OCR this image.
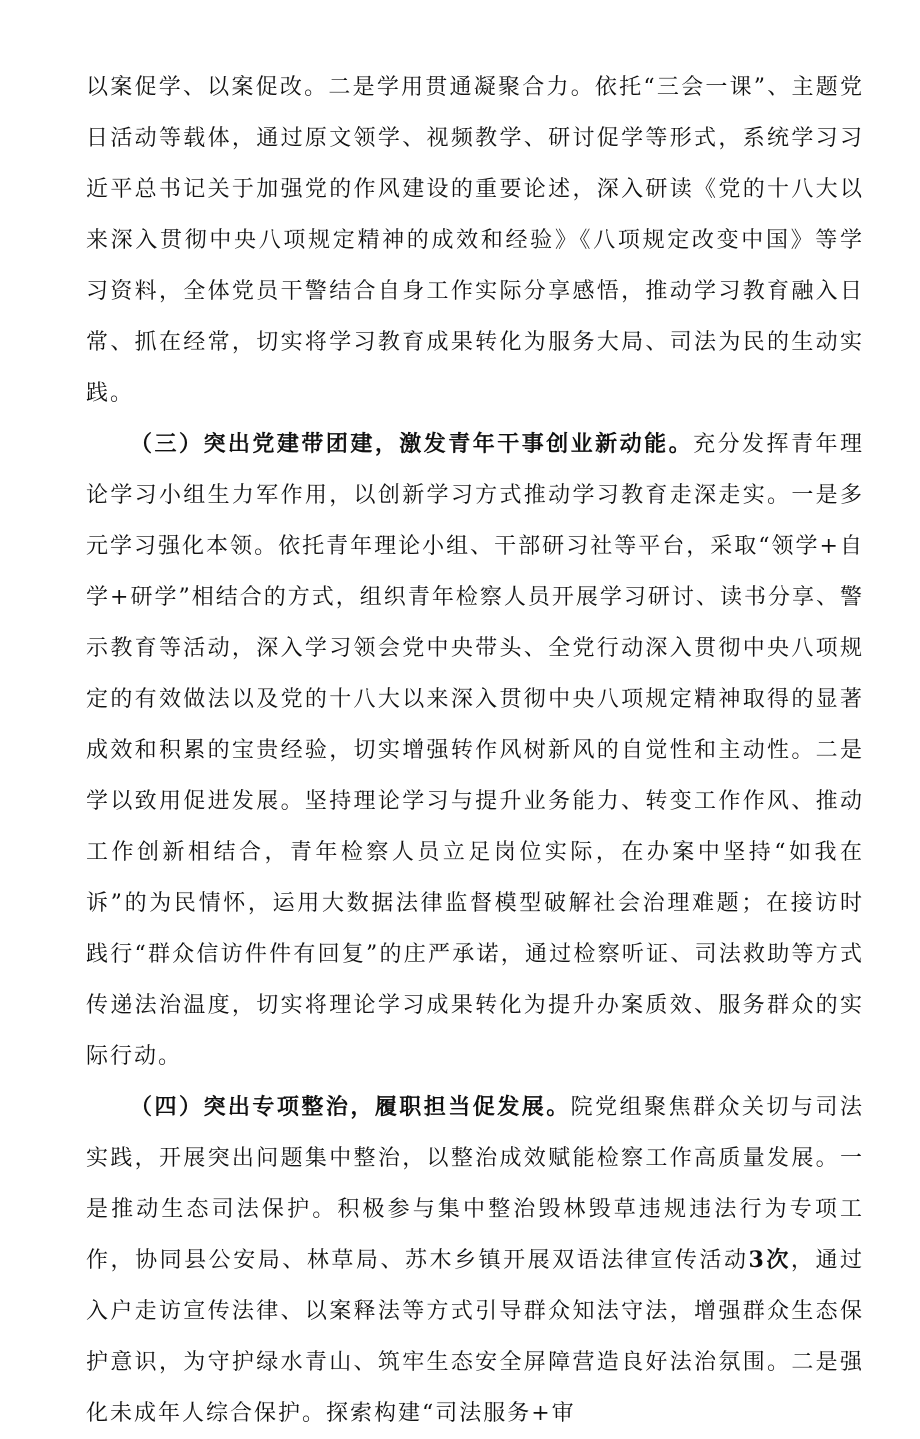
以案促学、以案促改。二是学用贯通凝聚合力。依托“三会一课”、主题党日活动等载体，通过原文领学、视频教学、研讨促学等形式，系统学习习近平总书记关于加强党的作风建设的重要论述，深入研读《党的十八大以来深入贯彻中央八项规定精神的成效和经验》《八项规定改变中国》等学习资料，全体党员干警结合自身工作实际分享感悟，推动学习教育融入日常、抓在经常，切实将学习教育成果转化为服务大局、司法为民的生动实践。

（三）突出党建带团建，激发青年干事创业新动能。充分发挥青年理论学习小组生力军作用，以创新学习方式推动学习教育走深走实。一是多元学习强化本领。依托青年理论小组、干部研习社等平台，采取“领学+自学+研学”相结合的方式，组织青年检察人员开展学习研讨、读书分享、警示教育等活动，深入学习领会党中央带头、全党行动深入贯彻中央八项规定的有效做法以及党的十八大以来深入贯彻中央八项规定精神取得的显著成效和积累的宝贵经验，切实增强转作风树新风的自觉性和主动性。二是学以致用促进发展。坚持理论学习与提升业务能力、转变工作作风、推动工作创新相结合，青年检察人员立足岗位实际，在办案中坚持“如我在诉”的为民情怀，运用大数据法律监督模型破解社会治理难题；在接访时践行“群众信访件件有回复”的庄严承诺，通过检察听证、司法救助等方式传递法治温度，切实将理论学习成果转化为提升办案质效、服务群众的实际行动。

（四）突出专项整治，履职担当促发展。院党组聚焦群众关切与司法实践，开展突出问题集中整治，以整治成效赋能检察工作高质量发展。一是推动生态司法保护。积极参与集中整治毁林毁草违规违法行为专项工作，协同县公安局、林草局、苏木乡镇开展双语法律宣传活动3次，通过入户走访宣传法律、以案释法等方式引导群众知法守法，增强群众生态保护意识，为守护绿水青山、筑牢生态安全屏障营造良好法治氛围。二是强化未成年人综合保护。探索构建“司法服务+审
